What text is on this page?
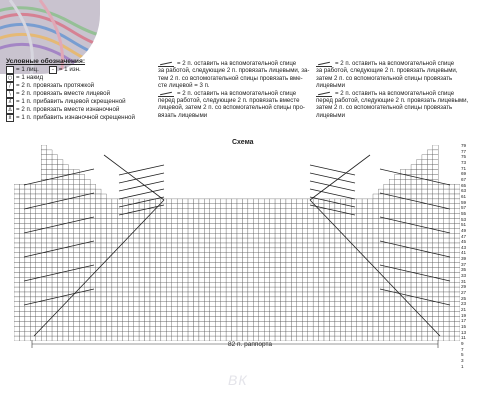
Условные обозначения:
= 1 лиц.	– = 1 изн.
○ = 1 накид
/ = 2 п. провязать протяжкой
\ = 2 п. провязать вместе лицевой
ʎ = 1 п. прибавить лицевой скрещенной
∆ = 2 п. провязать вместе изнаночной
ẍ = 1 п. прибавить изнаночной скрещенной
= 2 п. оставить на вспомогательной спице
за работой, следующие 2 п. провязать лицевыми, за-
тем 2 п. со вспомогательной спицы провязать вме-
сте лицевой = 3 п.
= 2 п. оставить на вспомогательной спице
перед работой, следующие 2 п. провязать вместе
лицевой, затем 2 п. со вспомогательной спицы про-
вязать лицевыми
= 2 п. оставить на вспомогательной спице
за работой, следующие 2 п. провязать лицевыми,
затем 2 п. со вспомогательной спицы провязать
лицевыми
= 2 п. оставить на вспомогательной спице
перед работой, следующие 2 п. провязать лицевыми,
затем 2 п. со вспомогательной спицы провязать
лицевыми
Схема	79
77
75
73
71
69
67
65
63
61
59
57
55
53
51
49
47
45
43
41
39
37
35
33
31
29
27
25
23
21
19
17
15
13
11
9
7
5
3
1
82 п. раппорта
ВК
